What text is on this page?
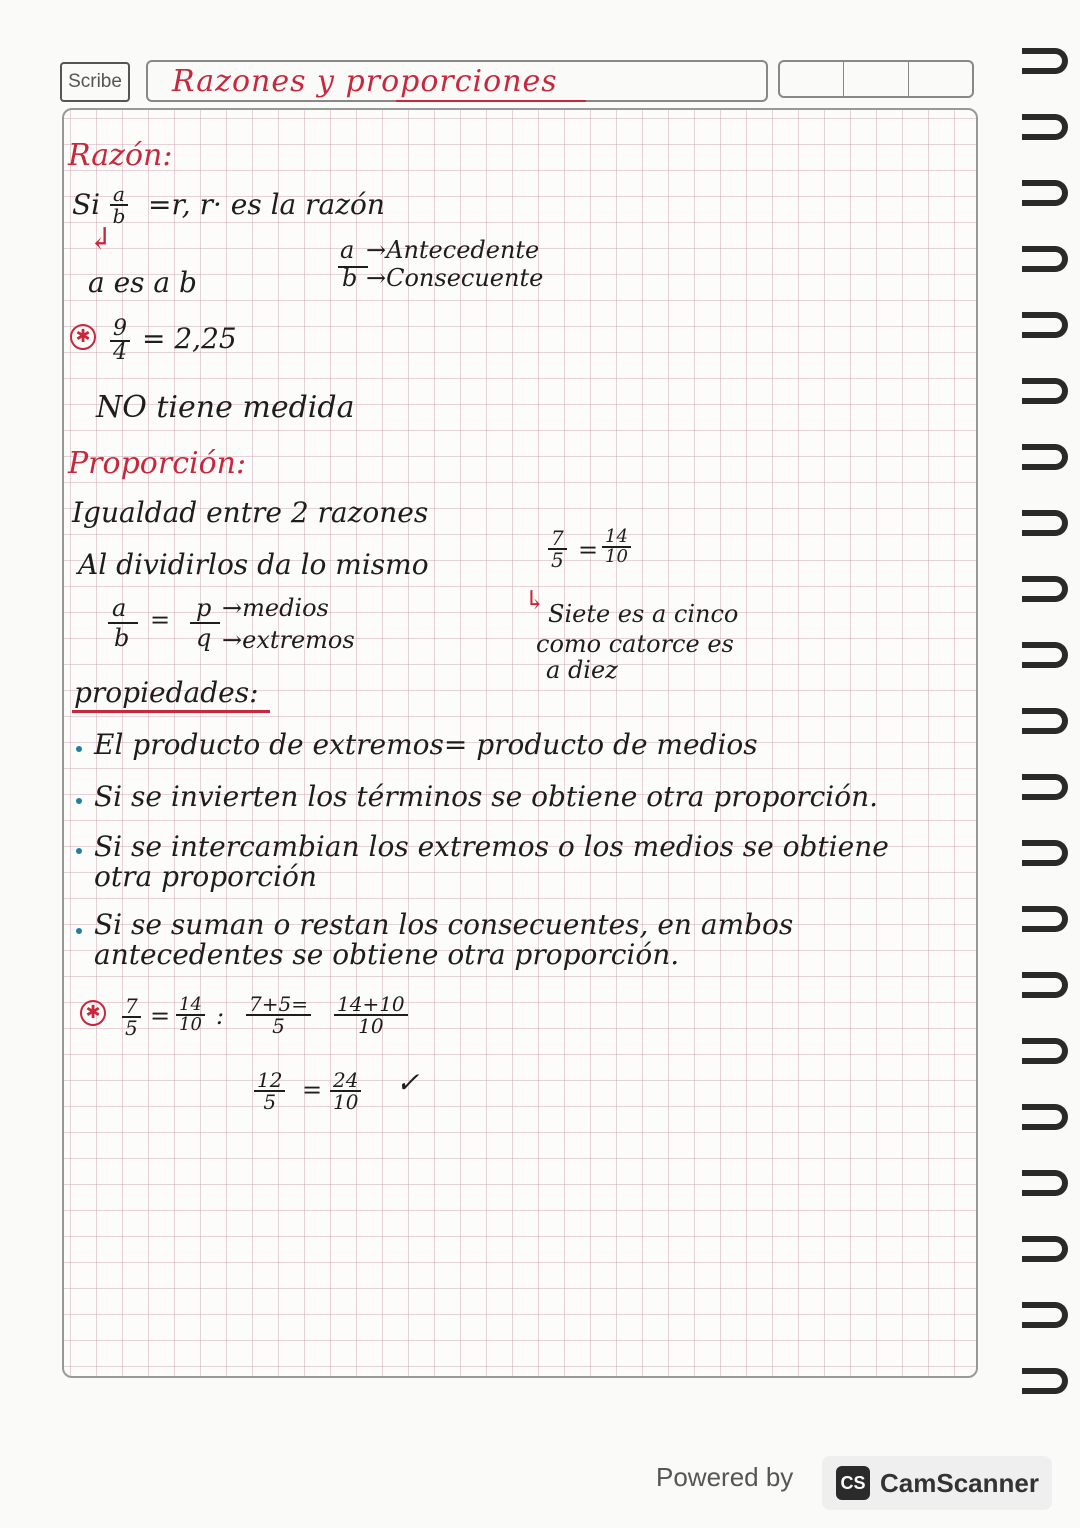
Scribe Razones y proporciones
Razón:
Si $\frac{a}{b} =r$, r· es la razón
↲
a es a b
a →Antecedente
b →Consecuente
✱ $\frac{9}{4} = 2,25$
NO tiene medida
Proporción:
Igualdad entre 2 razones
Al dividirlos da lo mismo
a
b
= p
q
→medios
→extremos
$\frac{7}{5} = \frac{14}{10}$
↳ Siete es a cinco
como catorce es
a diez
propiedades:
El producto de extremos= producto de medios
Si se invierten los términos se obtiene otra proporción.
Si se intercambian los extremos o los medios se obtiene
otra proporción
Si se suman o restan los consecuentes, en ambos
antecedentes se obtiene otra proporción.
✱ $\frac{7}{5} = \frac{14}{10}$ : $\frac{7+5=}{5} \frac{14+10}{10}$
$\frac{12}{5} = \frac{24}{10}$ ✓
Powered by	CS CamScanner
